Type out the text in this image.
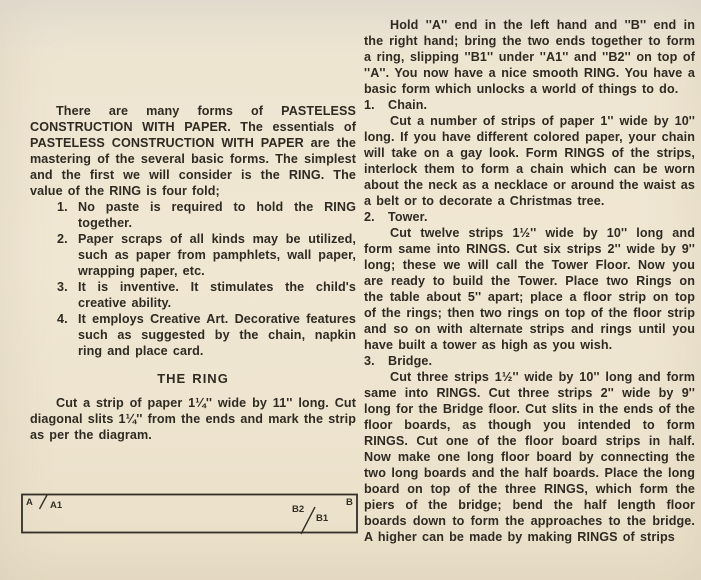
There are many forms of PASTELESS CONSTRUCTION WITH PAPER. The essentials of PASTELESS CONSTRUCTION WITH PAPER are the mastering of the several basic forms. The simplest and the first we will consider is the RING. The value of the RING is four fold;

1. No paste is required to hold the RING together.
2. Paper scraps of all kinds may be utilized, such as paper from pamphlets, wall paper, wrapping paper, etc.
3. It is inventive. It stimulates the child's creative ability.
4. It employs Creative Art. Decorative features such as suggested by the chain, napkin ring and place card.
THE RING

Cut a strip of paper 1¼'' wide by 11'' long. Cut diagonal slits 1¼'' from the ends and mark the strip as per the diagram.

A A1	B
B2
B1

Hold ''A'' end in the left hand and ''B'' end in the right hand; bring the two ends together to form a ring, slipping ''B1'' under ''A1'' and ''B2'' on top of ''A''. You now have a nice smooth RING. You have a basic form which unlocks a world of things to do.

1.	Chain.

Cut a number of strips of paper 1'' wide by 10'' long. If you have different colored paper, your chain will take on a gay look. Form RINGS of the strips, interlock them to form a chain which can be worn about the neck as a necklace or around the waist as a belt or to decorate a Christmas tree.

2.	Tower.

Cut twelve strips 1½'' wide by 10'' long and form same into RINGS. Cut six strips 2'' wide by 9'' long; these we will call the Tower Floor. Now you are ready to build the Tower. Place two Rings on the table about 5'' apart; place a floor strip on top of the rings; then two rings on top of the floor strip and so on with alternate strips and rings until you have built a tower as high as you wish.

3.	Bridge.

Cut three strips 1½'' wide by 10'' long and form same into RINGS. Cut three strips 2'' wide by 9'' long for the Bridge floor. Cut slits in the ends of the floor boards, as though you intended to form RINGS. Cut one of the floor board strips in half. Now make one long floor board by connecting the two long boards and the half boards. Place the long board on top of the three RINGS, which form the piers of the bridge; bend the half length floor boards down to form the approaches to the bridge. A higher can be made by making RINGS of strips
